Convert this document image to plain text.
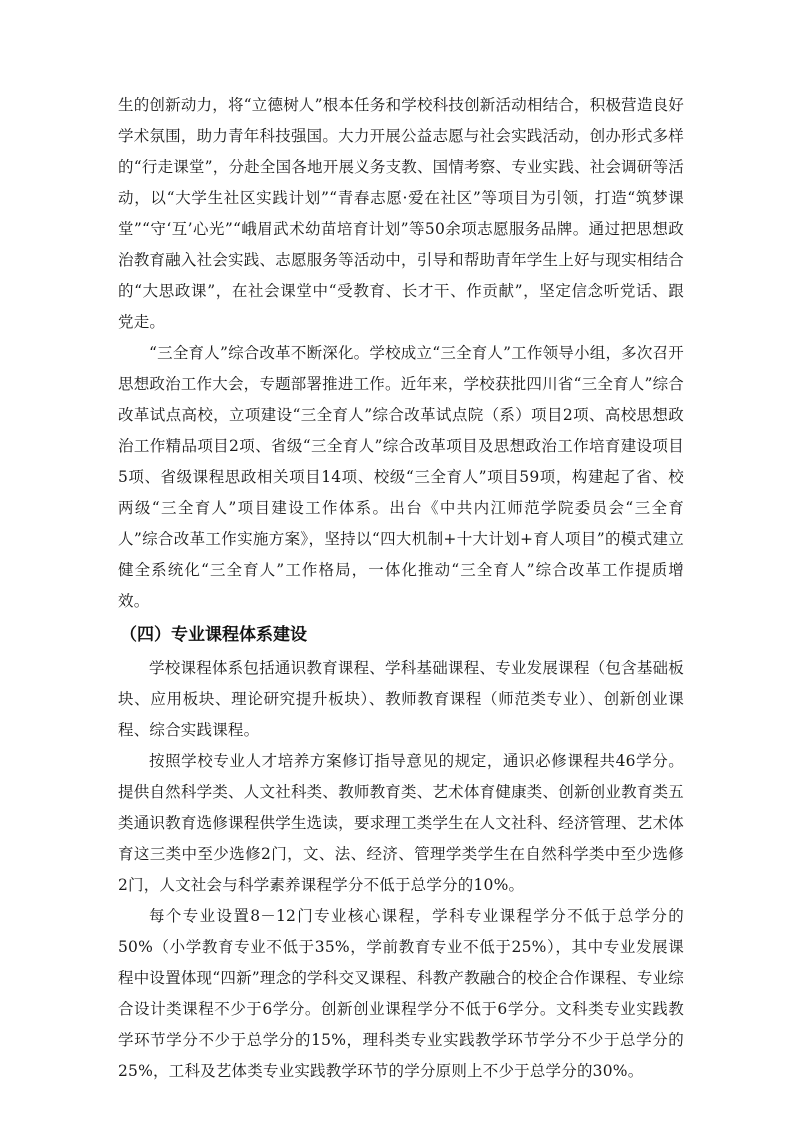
生的创新动力，将“立德树人”根本任务和学校科技创新活动相结合，积极营造良好学术氛围，助力青年科技强国。大力开展公益志愿与社会实践活动，创办形式多样的“行走课堂”，分赴全国各地开展义务支教、国情考察、专业实践、社会调研等活动，以“大学生社区实践计划”“青春志愿·爱在社区”等项目为引领，打造“筑梦课堂”“守‘互’心光”“峨眉武术幼苗培育计划”等50余项志愿服务品牌。通过把思想政治教育融入社会实践、志愿服务等活动中，引导和帮助青年学生上好与现实相结合的“大思政课”，在社会课堂中“受教育、长才干、作贡献”，坚定信念听党话、跟党走。

“三全育人”综合改革不断深化。学校成立“三全育人”工作领导小组，多次召开思想政治工作大会，专题部署推进工作。近年来，学校获批四川省“三全育人”综合改革试点高校，立项建设“三全育人”综合改革试点院（系）项目2项、高校思想政治工作精品项目2项、省级“三全育人”综合改革项目及思想政治工作培育建设项目5项、省级课程思政相关项目14项、校级“三全育人”项目59项，构建起了省、校两级“三全育人”项目建设工作体系。出台《中共内江师范学院委员会“三全育人”综合改革工作实施方案》，坚持以“四大机制+十大计划+育人项目”的模式建立健全系统化“三全育人”工作格局，一体化推动“三全育人”综合改革工作提质增效。

（四）专业课程体系建设

学校课程体系包括通识教育课程、学科基础课程、专业发展课程（包含基础板块、应用板块、理论研究提升板块）、教师教育课程（师范类专业）、创新创业课程、综合实践课程。

按照学校专业人才培养方案修订指导意见的规定，通识必修课程共46学分。提供自然科学类、人文社科类、教师教育类、艺术体育健康类、创新创业教育类五类通识教育选修课程供学生选读，要求理工类学生在人文社科、经济管理、艺术体育这三类中至少选修2门，文、法、经济、管理学类学生在自然科学类中至少选修2门，人文社会与科学素养课程学分不低于总学分的10%。

每个专业设置8－12门专业核心课程，学科专业课程学分不低于总学分的50%（小学教育专业不低于35%，学前教育专业不低于25%），其中专业发展课程中设置体现“四新”理念的学科交叉课程、科教产教融合的校企合作课程、专业综合设计类课程不少于6学分。创新创业课程学分不低于6学分。文科类专业实践教学环节学分不少于总学分的15%，理科类专业实践教学环节学分不少于总学分的25%，工科及艺体类专业实践教学环节的学分原则上不少于总学分的30%。
